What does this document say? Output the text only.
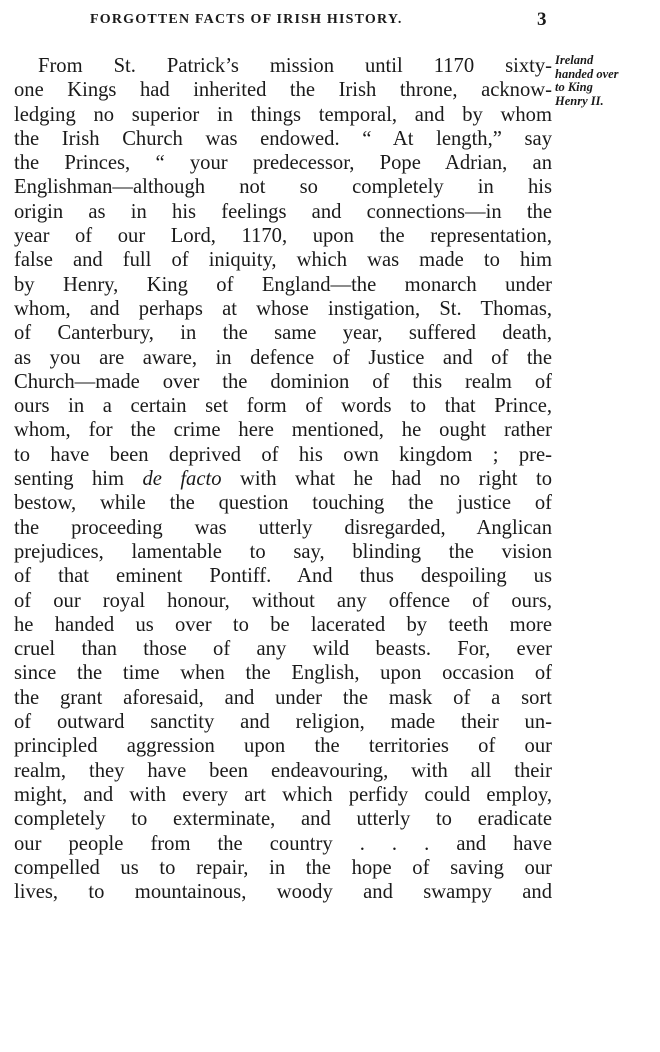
FORGOTTEN FACTS OF IRISH HISTORY.	3
Ireland
handed over
to King
Henry II.
From St. Patrick’s mission until 1170 sixty-
one Kings had inherited the Irish throne, acknow-
ledging no superior in things temporal, and by whom
the Irish Church was endowed. “ At length,” say
the Princes, “ your predecessor, Pope Adrian, an
Englishman—although not so completely in his
origin as in his feelings and connections—in the
year of our Lord, 1170, upon the representation,
false and full of iniquity, which was made to him
by Henry, King of England—the monarch under
whom, and perhaps at whose instigation, St. Thomas,
of Canterbury, in the same year, suffered death,
as you are aware, in defence of Justice and of the
Church—made over the dominion of this realm of
ours in a certain set form of words to that Prince,
whom, for the crime here mentioned, he ought rather
to have been deprived of his own kingdom ; pre-
senting him de facto with what he had no right to
bestow, while the question touching the justice of
the proceeding was utterly disregarded, Anglican
prejudices, lamentable to say, blinding the vision
of that eminent Pontiff. And thus despoiling us
of our royal honour, without any offence of ours,
he handed us over to be lacerated by teeth more
cruel than those of any wild beasts. For, ever
since the time when the English, upon occasion of
the grant aforesaid, and under the mask of a sort
of outward sanctity and religion, made their un-
principled aggression upon the territories of our
realm, they have been endeavouring, with all their
might, and with every art which perfidy could employ,
completely to exterminate, and utterly to eradicate
our people from the country . . . and have
compelled us to repair, in the hope of saving our
lives, to mountainous, woody and swampy and
